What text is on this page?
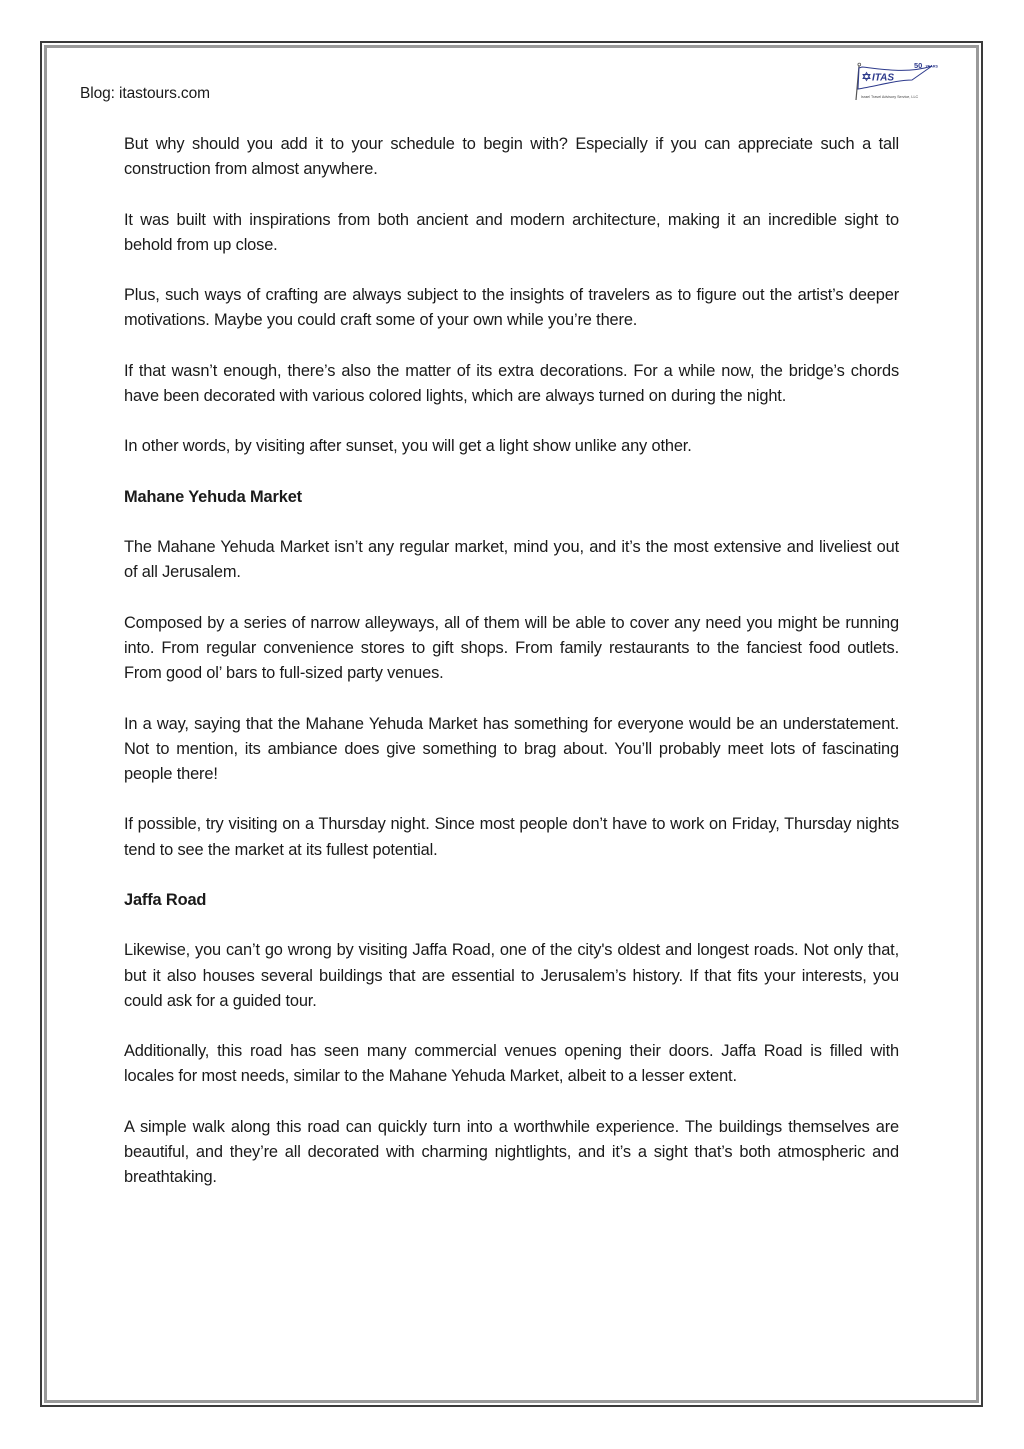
Blog: itastours.com
ITAS
50 YEARS
Israel Travel Advisory Service, LLC

But why should you add it to your schedule to begin with? Especially if you can appreciate such a tall construction from almost anywhere.

It was built with inspirations from both ancient and modern architecture, making it an incredible sight to behold from up close.

Plus, such ways of crafting are always subject to the insights of travelers as to figure out the artist’s deeper motivations. Maybe you could craft some of your own while you’re there.

If that wasn’t enough, there’s also the matter of its extra decorations. For a while now, the bridge’s chords have been decorated with various colored lights, which are always turned on during the night.

In other words, by visiting after sunset, you will get a light show unlike any other.

Mahane Yehuda Market

The Mahane Yehuda Market isn’t any regular market, mind you, and it’s the most extensive and liveliest out of all Jerusalem.

Composed by a series of narrow alleyways, all of them will be able to cover any need you might be running into. From regular convenience stores to gift shops. From family restaurants to the fanciest food outlets. From good ol’ bars to full-sized party venues.

In a way, saying that the Mahane Yehuda Market has something for everyone would be an understatement. Not to mention, its ambiance does give something to brag about. You’ll probably meet lots of fascinating people there!

If possible, try visiting on a Thursday night. Since most people don’t have to work on Friday, Thursday nights tend to see the market at its fullest potential.

Jaffa Road

Likewise, you can’t go wrong by visiting Jaffa Road, one of the city's oldest and longest roads. Not only that, but it also houses several buildings that are essential to Jerusalem’s history. If that fits your interests, you could ask for a guided tour.

Additionally, this road has seen many commercial venues opening their doors. Jaffa Road is filled with locales for most needs, similar to the Mahane Yehuda Market, albeit to a lesser extent.

A simple walk along this road can quickly turn into a worthwhile experience. The buildings themselves are beautiful, and they’re all decorated with charming nightlights, and it’s a sight that’s both atmospheric and breathtaking.
